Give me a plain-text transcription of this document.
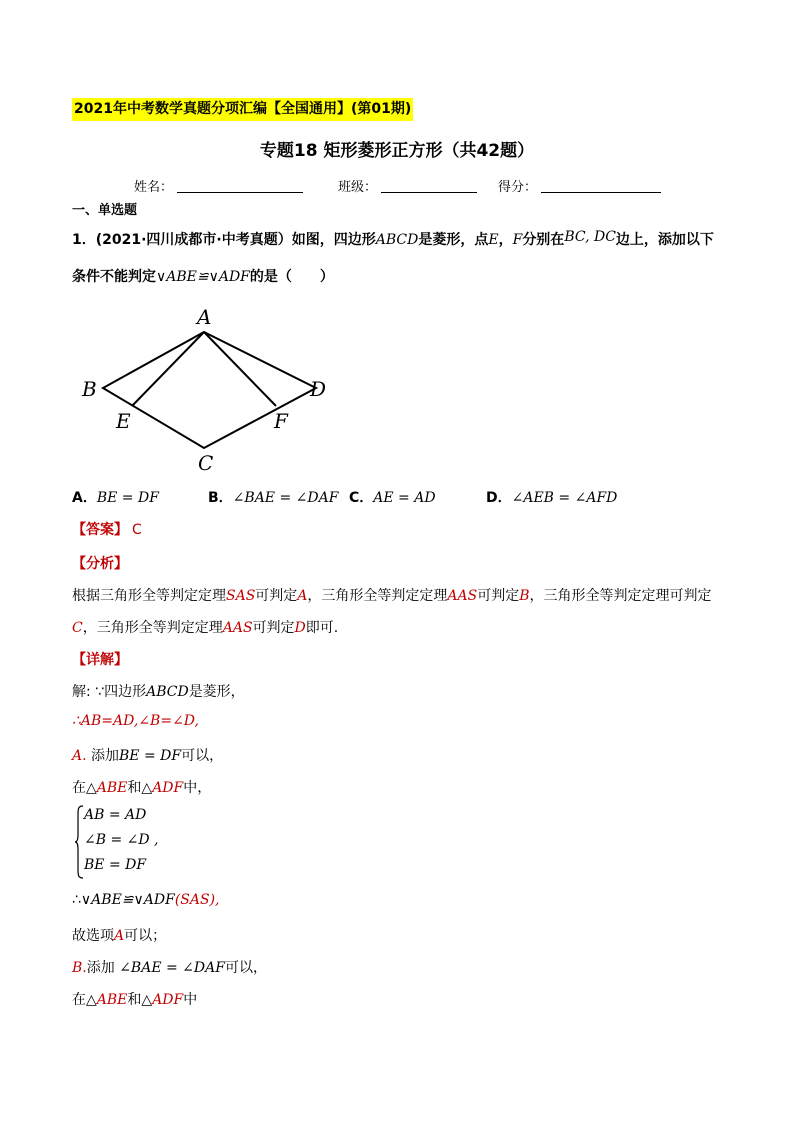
2021年中考数学真题分项汇编【全国通用】(第01期)
专题18 矩形菱形正方形（共42题）
姓名：	班级：	得分：
一、单选题
1．(2021·四川成都市·中考真题）如图，四边形ABCD是菱形，点E，F分别在BC, DC边上，添加以下
条件不能判定∨ABE≌∨ADF的是（　　）
A
B
C
D
E	F
A．BE = DF	B．∠BAE = ∠DAF C．AE = AD	D．∠AEB = ∠AFD
【答案】 C
【分析】
根据三角形全等判定定理SAS可判定A，三角形全等判定定理AAS可判定B，三角形全等判定定理可判定
C，三角形全等判定定理AAS可判定D即可.
【详解】
解: ∵四边形ABCD是菱形，
∴AB=AD,∠B=∠D,
A. 添加BE = DF可以，
在△ABE和△ADF中，
AB = AD
∠B = ∠D ,
BE = DF
∴∨ABE≌∨ADF(SAS),
故选项A可以；
B.添加 ∠BAE = ∠DAF可以，
在△ABE和△ADF中
